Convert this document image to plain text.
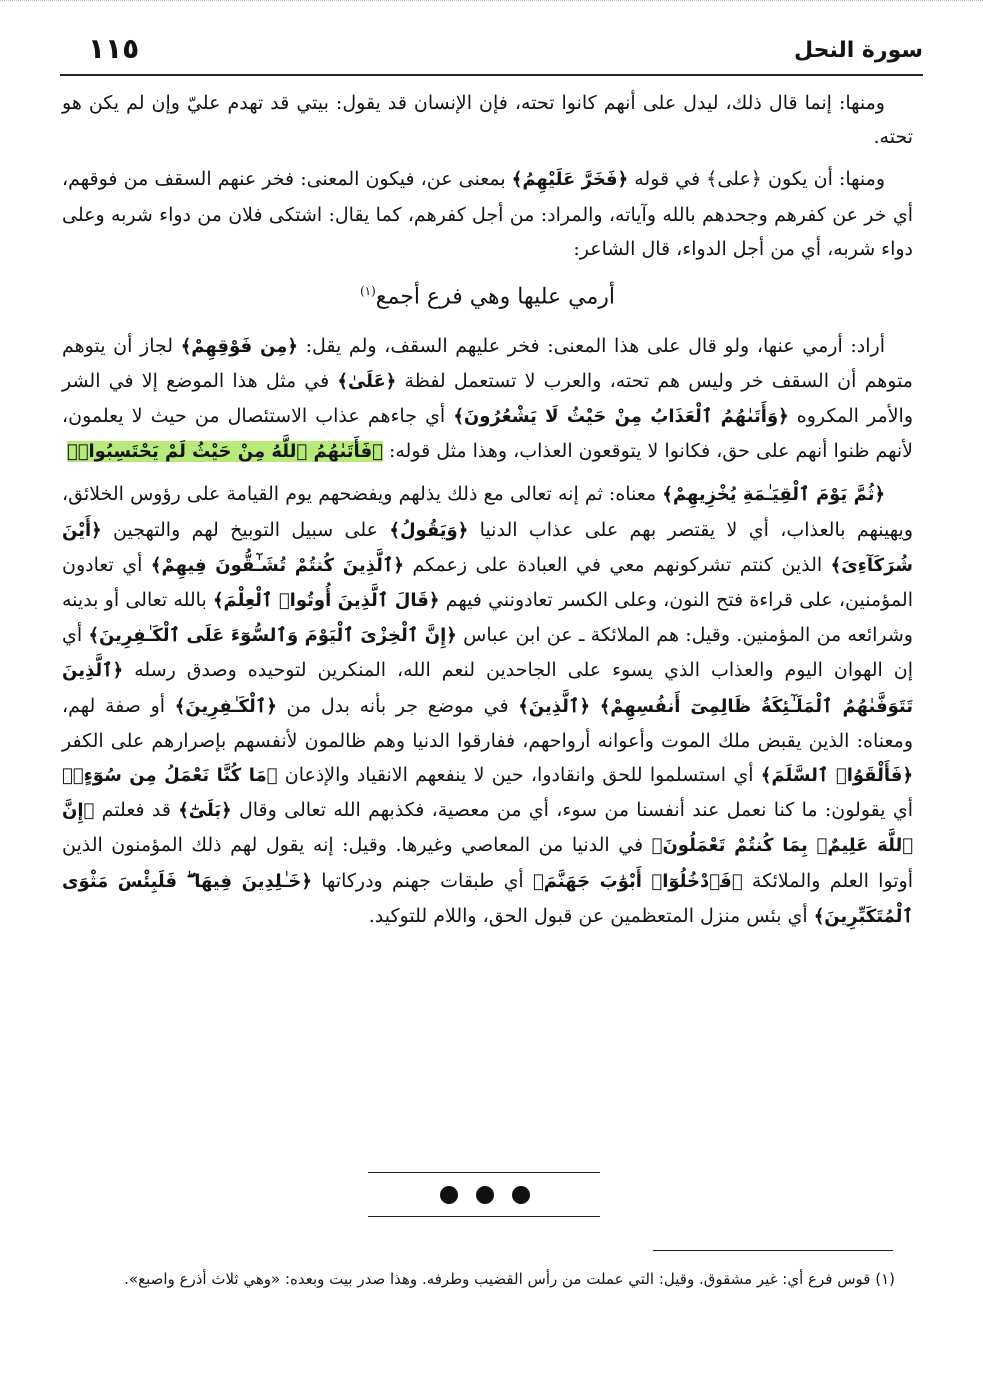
سورة النحل
١١٥

ومنها: إنما قال ذلك، ليدل على أنهم كانوا تحته، فإن الإنسان قد يقول: بيتي قد تهدم عليّ وإن لم يكن هو تحته.

ومنها: أن يكون ﴿على﴾ في قوله ﴿فَخَرَّ عَلَيْهِمُ﴾ بمعنى عن، فيكون المعنى: فخر عنهم السقف من فوقهم، أي خر عن كفرهم وجحدهم بالله وآياته، والمراد: من أجل كفرهم، كما يقال: اشتكى فلان من دواء شربه وعلى دواء شربه، أي من أجل الدواء، قال الشاعر:

أرمي عليها وهي فرع أجمع$^{(١)}$

أراد: أرمي عنها، ولو قال على هذا المعنى: فخر عليهم السقف، ولم يقل: ﴿مِن فَوْقِهِمْ﴾ لجاز أن يتوهم متوهم أن السقف خر وليس هم تحته، والعرب لا تستعمل لفظة ﴿عَلَىٰ﴾ في مثل هذا الموضع إلا في الشر والأمر المكروه ﴿وَأَتَىٰهُمُ ٱلْعَذَابُ مِنْ حَيْثُ لَا يَشْعُرُونَ﴾ أي جاءهم عذاب الاستئصال من حيث لا يعلمون، لأنهم ظنوا أنهم على حق، فكانوا لا يتوقعون العذاب، وهذا مثل قوله: ﴿فَأَتَىٰهُمُ ٱللَّهُ مِنْ حَيْثُ لَمْ يَحْتَسِبُوا۟﴾

﴿ثُمَّ يَوْمَ ٱلْقِيَـٰمَةِ يُخْزِيهِمْ﴾ معناه: ثم إنه تعالى مع ذلك يذلهم ويفضحهم يوم القيامة على رؤوس الخلائق، ويهينهم بالعذاب، أي لا يقتصر بهم على عذاب الدنيا ﴿وَيَقُولُ﴾ على سبيل التوبيخ لهم والتهجين ﴿أَيْنَ شُرَكَآءِىَ﴾ الذين كنتم تشركونهم معي في العبادة على زعمكم ﴿ٱلَّذِينَ كُنتُمْ تُشَـٰٓقُّونَ فِيهِمْ﴾ أي تعادون المؤمنين، على قراءة فتح النون، وعلى الكسر تعادونني فيهم ﴿قَالَ ٱلَّذِينَ أُوتُوا۟ ٱلْعِلْمَ﴾ بالله تعالى أو بدينه وشرائعه من المؤمنين. وقيل: هم الملائكة ـ عن ابن عباس ﴿إِنَّ ٱلْخِزْىَ ٱلْيَوْمَ وَٱلسُّوٓءَ عَلَى ٱلْكَـٰفِرِينَ﴾ أي إن الهوان اليوم والعذاب الذي يسوء على الجاحدين لنعم الله، المنكرين لتوحيده وصدق رسله ﴿ٱلَّذِينَ تَتَوَفَّىٰهُمُ ٱلْمَلَـٰٓئِكَةُ ظَالِمِىٓ أَنفُسِهِمْ﴾ ﴿ٱلَّذِينَ﴾ في موضع جر بأنه بدل من ﴿ٱلْكَـٰفِرِينَ﴾ أو صفة لهم، ومعناه: الذين يقبض ملك الموت وأعوانه أرواحهم، ففارقوا الدنيا وهم ظالمون لأنفسهم بإصرارهم على الكفر ﴿فَأَلْقَوُا۟ ٱلسَّلَمَ﴾ أي استسلموا للحق وانقادوا، حين لا ينفعهم الانقياد والإذعان ﴿مَا كُنَّا نَعْمَلُ مِن سُوٓءٍۭ﴾ أي يقولون: ما كنا نعمل عند أنفسنا من سوء، أي من معصية، فكذبهم الله تعالى وقال ﴿بَلَىٰٓ﴾ قد فعلتم ﴿إِنَّ ٱللَّهَ عَلِيمٌۢ بِمَا كُنتُمْ تَعْمَلُونَ﴾ في الدنيا من المعاصي وغيرها. وقيل: إنه يقول لهم ذلك المؤمنون الذين أوتوا العلم والملائكة ﴿فَٱدْخُلُوٓا۟ أَبْوَٰبَ جَهَنَّمَ﴾ أي طبقات جهنم ودركاتها ﴿خَـٰلِدِينَ فِيهَا ۖ فَلَبِئْسَ مَثْوَى ٱلْمُتَكَبِّرِينَ﴾ أي بئس منزل المتعظمين عن قبول الحق، واللام للتوكيد.

(١) قوس فرع أي: غير مشقوق. وقيل: التي عملت من رأس القضيب وطرفه. وهذا صدر بيت وبعده: «وهي ثلاث أذرع واصبع».
